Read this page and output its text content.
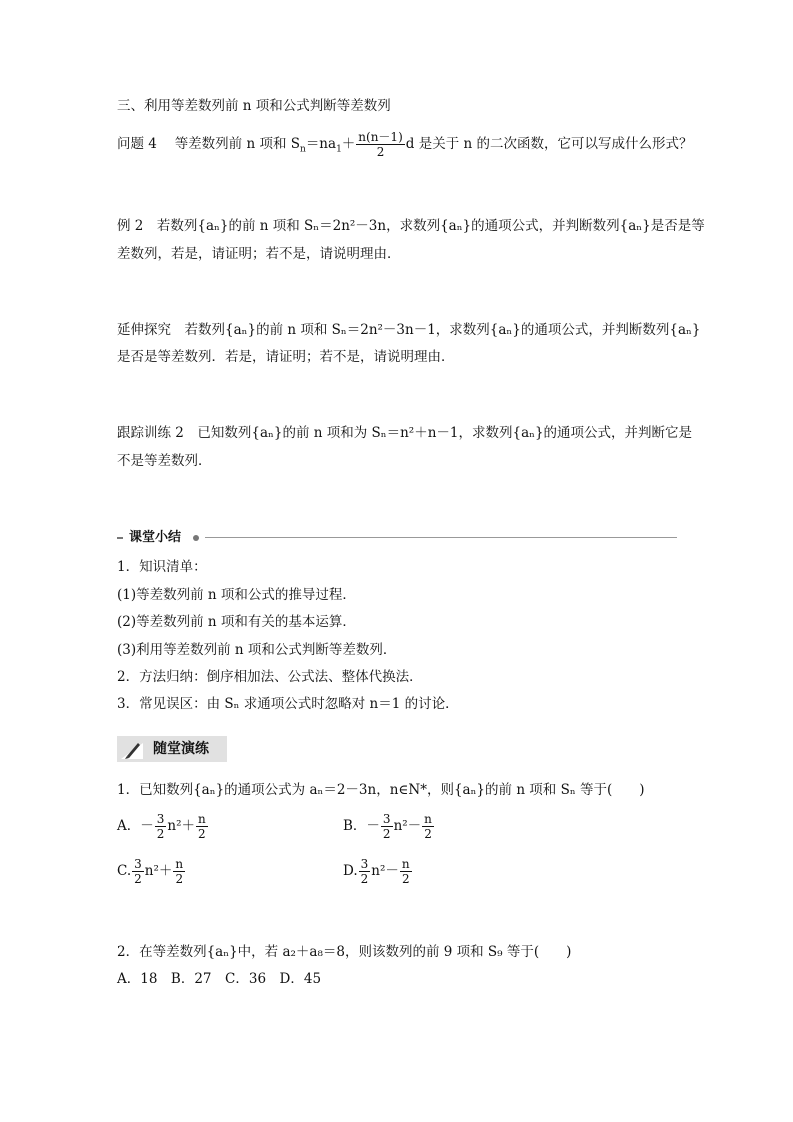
三、利用等差数列前 n 项和公式判断等差数列
问题 4　 等差数列前 n 项和 $S_n=na_1+ \frac{n(n-1)}{2}$ d 是关于 n 的二次函数，它可以写成什么形式？
例 2　若数列{aₙ}的前 n 项和 Sₙ＝2n²－3n，求数列{aₙ}的通项公式，并判断数列{aₙ}是否是等
差数列，若是，请证明；若不是，请说明理由．
延伸探究　若数列{aₙ}的前 n 项和 Sₙ＝2n²－3n－1，求数列{aₙ}的通项公式，并判断数列{aₙ}
是否是等差数列．若是，请证明；若不是，请说明理由．
跟踪训练 2　已知数列{aₙ}的前 n 项和为 Sₙ＝n²＋n－1，求数列{aₙ}的通项公式，并判断它是
不是等差数列．
课堂小结
1．知识清单：
(1)等差数列前 n 项和公式的推导过程．
(2)等差数列前 n 项和有关的基本运算．
(3)利用等差数列前 n 项和公式判断等差数列．
2．方法归纳：倒序相加法、公式法、整体代换法．
3．常见误区：由 Sₙ 求通项公式时忽略对 n＝1 的讨论．
随堂演练
1．已知数列{aₙ}的通项公式为 aₙ＝2－3n，n∈N*，则{aₙ}的前 n 项和 Sₙ 等于(　　)
A．－ $\frac{3}{2} n^2+ \frac{n}{2}$	B．－ $\frac{3}{2} n^2- \frac{n}{2}$
C. $\frac{3}{2} n^2+ \frac{n}{2}$	D. $\frac{3}{2} n^2- \frac{n}{2}$
2．在等差数列{aₙ}中，若 a₂＋a₈＝8，则该数列的前 9 项和 S₉ 等于(　　)
A．18　B．27　C．36　D．45
